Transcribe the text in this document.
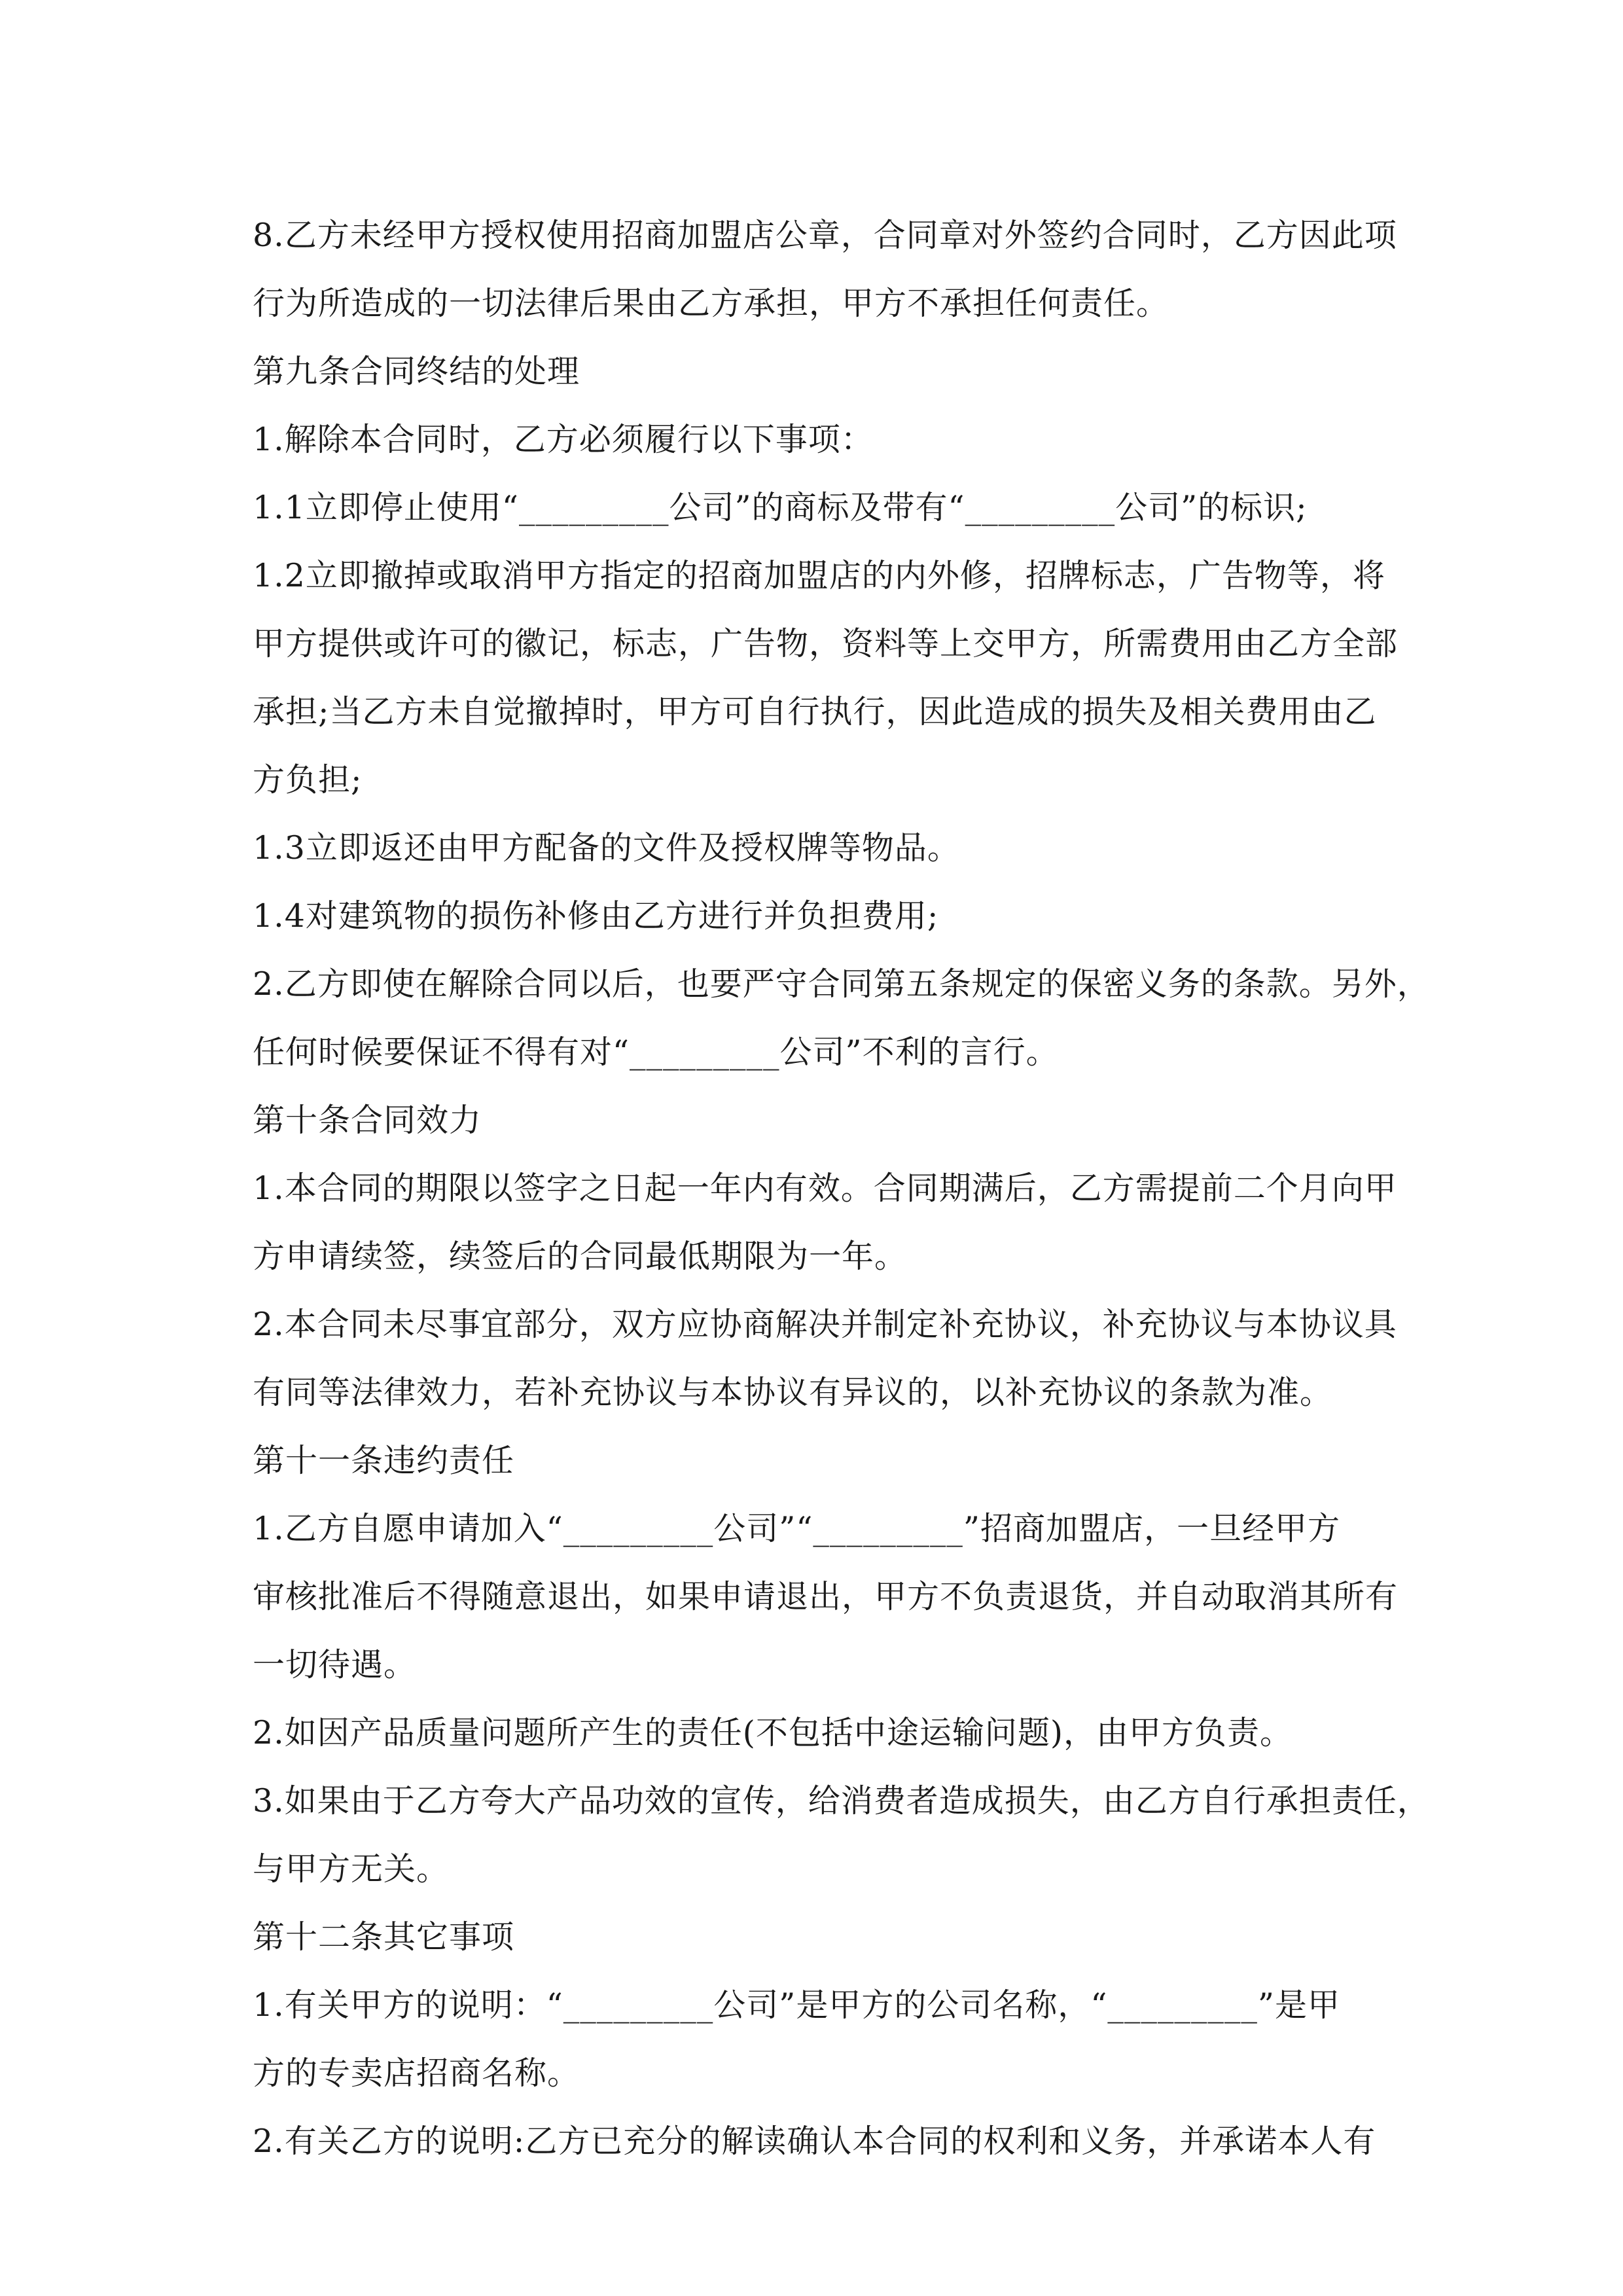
8.乙方未经甲方授权使用招商加盟店公章，合同章对外签约合同时，乙方因此项
行为所造成的一切法律后果由乙方承担，甲方不承担任何责任。
第九条合同终结的处理
1.解除本合同时，乙方必须履行以下事项：
1.1立即停止使用“_________公司”的商标及带有“_________公司”的标识;
1.2立即撤掉或取消甲方指定的招商加盟店的内外修，招牌标志，广告物等，将
甲方提供或许可的徽记，标志，广告物，资料等上交甲方，所需费用由乙方全部
承担;当乙方未自觉撤掉时，甲方可自行执行，因此造成的损失及相关费用由乙
方负担;
1.3立即返还由甲方配备的文件及授权牌等物品。
1.4对建筑物的损伤补修由乙方进行并负担费用;
2.乙方即使在解除合同以后，也要严守合同第五条规定的保密义务的条款。另外，
任何时候要保证不得有对“_________公司”不利的言行。
第十条合同效力
1.本合同的期限以签字之日起一年内有效。合同期满后，乙方需提前二个月向甲
方申请续签，续签后的合同最低期限为一年。
2.本合同未尽事宜部分，双方应协商解决并制定补充协议，补充协议与本协议具
有同等法律效力，若补充协议与本协议有异议的，以补充协议的条款为准。
第十一条违约责任
1.乙方自愿申请加入“_________公司”“_________”招商加盟店，一旦经甲方
审核批准后不得随意退出，如果申请退出，甲方不负责退货，并自动取消其所有
一切待遇。
2.如因产品质量问题所产生的责任(不包括中途运输问题)，由甲方负责。
3.如果由于乙方夸大产品功效的宣传，给消费者造成损失，由乙方自行承担责任，
与甲方无关。
第十二条其它事项
1.有关甲方的说明：“_________公司”是甲方的公司名称，“_________”是甲
方的专卖店招商名称。
2.有关乙方的说明:乙方已充分的解读确认本合同的权利和义务，并承诺本人有
